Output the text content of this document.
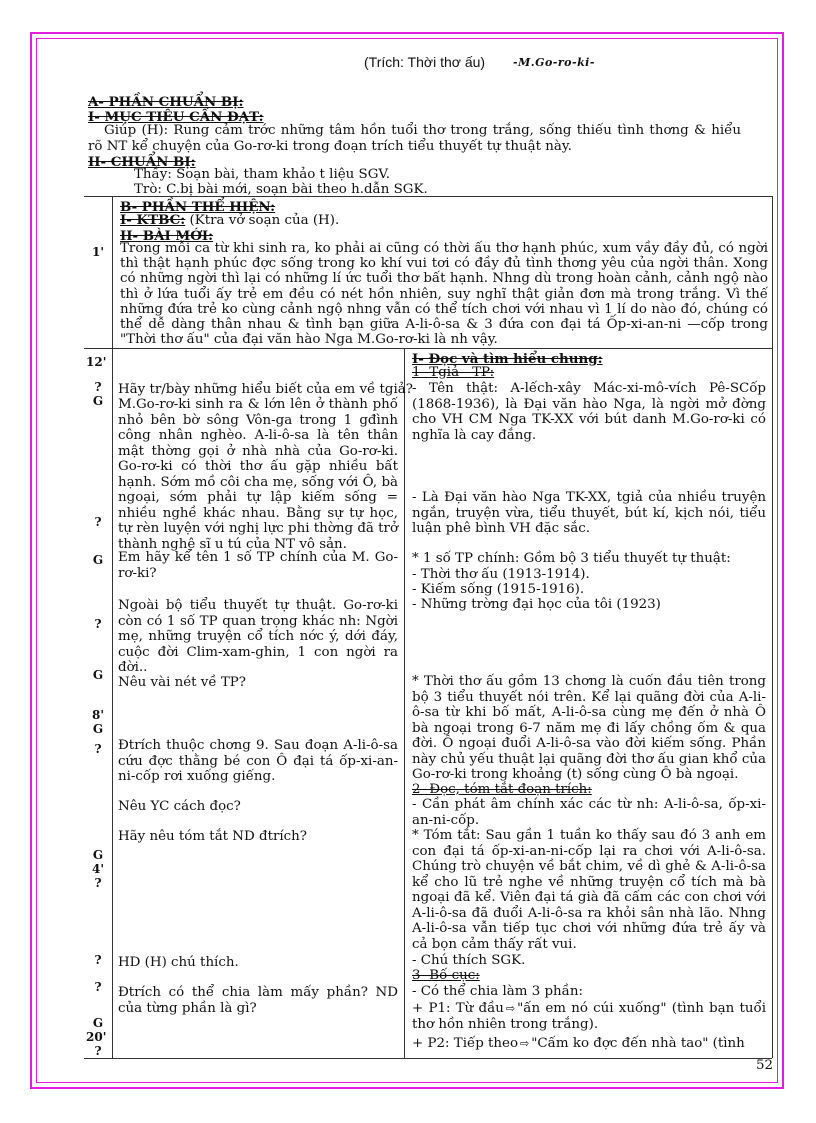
(Trích: Thời thơ ấu)	-M.Go-ro-ki-
A- PHẦN CHUẨN BỊ:
I- MỤC TIÊU CẦN ĐẠT:
Giúp (H): Rung cảm trớc những tâm hồn tuổi thơ trong trắng, sống thiếu tình thơng & hiểu rõ NT kể chuyện của Go-rơ-ki trong đoạn trích tiểu thuyết tự thuật này.
II- CHUẨN BỊ:
Thầy: Soạn bài, tham khảo t liệu SGV.
Trò: C.bị bài mới, soạn bài theo h.dẫn SGK.
B- PHẦN THỂ HIỆN:
I- KTBC: (Ktra vở soạn của (H).
II- BÀI MỚI:
Trong mỗi ca từ khi sinh ra, ko phải ai cũng có thời ấu thơ hạnh phúc, xum vầy đầy đủ, có ngời thì thật hạnh phúc đợc sống trong ko khí vui tơi có đầy đủ tình thơng yêu của ngời thân. Xong có những ngời thì lại có những lí ức tuổi thơ bất hạnh. Nhng dù trong hoàn cảnh, cảnh ngộ nào thì ở lứa tuổi ấy trẻ em đều có nét hồn nhiên, suy nghĩ thật giản đơn mà trong trắng. Vì thế những đứa trẻ ko cùng cảnh ngộ nhng vẫn có thể tích chơi với nhau vì 1 lí do nào đó, chúng có thể dễ dàng thân nhau & tình bạn giữa A-li-ô-sa & 3 đứa con đại tá Ốp-xi-an-ni —cốp trong "Thời thơ ấu" của đại văn hào Nga M.Go-rơ-ki là nh vậy.
1'
12'
?
G
?
G
?
G
8'
G
?
G
4'
?
?
?
G
20'
?
Hãy tr/bày những hiểu biết của em về tgiả?
M.Go-rơ-ki sinh ra & lớn lên ở thành phố nhỏ bên bờ sông Vôn-ga trong 1 gđình công nhân nghèo. A-li-ô-sa là tên thân mật thờng gọi ở nhà nhà của Go-rơ-ki. Go-rơ-ki có thời thơ ấu gặp nhiều bất hạnh. Sớm mồ côi cha mẹ, sống với Ô, bà ngoại, sớm phải tự lập kiếm sống = nhiều nghề khác nhau. Bằng sự tự học, tự rèn luyện với nghị lực phi thờng đã trở thành nghệ sĩ u tú của NT vô sản.
Em hãy kể tên 1 số TP chính của M. Go-rơ-ki?
Ngoài bộ tiểu thuyết tự thuật. Go-rơ-ki còn có 1 số TP quan trọng khác nh: Ngời mẹ, những truyện cổ tích nớc ý, dới đáy, cuộc đời Clim-xam-ghin, 1 con ngời ra đời..
Nêu vài nét về TP?
Đtrích thuộc chơng 9. Sau đoạn A-li-ô-sa cứu đợc thằng bé con Ô đại tá ốp-xi-an-ni-cốp rơi xuống giếng.
Nêu YC cách đọc?
Hãy nêu tóm tắt ND đtrích?
HD (H) chú thích.
Đtrích có thể chia làm mấy phần? ND của từng phần là gì?
I- Đọc và tìm hiểu chung:
1- Tgiả - TP:
- Tên thật: A-lếch-xây Mác-xi-mô-vích Pê-SCốp (1868-1936), là Đại văn hào Nga, là ngời mở đờng cho VH CM Nga TK-XX với bút danh M.Go-rơ-ki có nghĩa là cay đắng.
- Là Đại văn hào Nga TK-XX, tgiả của nhiều truyện ngắn, truyện vừa, tiểu thuyết, bút kí, kịch nói, tiểu luận phê bình VH đặc sắc.
* 1 số TP chính: Gồm bộ 3 tiểu thuyết tự thuật:
- Thời thơ ấu (1913-1914).
- Kiếm sống (1915-1916).
- Những trờng đại học của tôi (1923)
* Thời thơ ấu gồm 13 chơng là cuốn đầu tiên trong bộ 3 tiểu thuyết nói trên. Kể lại quãng đời của A-li-ô-sa từ khi bố mất, A-li-ô-sa cùng mẹ đến ở nhà Ô bà ngoại trong 6-7 năm mẹ đi lấy chồng ốm & qua đời. Ô ngoại đuổi A-li-ô-sa vào đời kiếm sống. Phần này chủ yếu thuật lại quãng đời thơ ấu gian khổ của Go-rơ-ki trong khoảng (t) sống cùng Ô bà ngoại.
2- Đọc, tóm tắt đoạn trích:
- Cần phát âm chính xác các từ nh: A-li-ô-sa, ốp-xi-an-ni-cốp.
* Tóm tắt: Sau gần 1 tuần ko thấy sau đó 3 anh em con đại tá ốp-xi-an-ni-cốp lại ra chơi với A-li-ô-sa. Chúng trò chuyện về bắt chim, về dì ghẻ & A-li-ô-sa kể cho lũ trẻ nghe về những truyện cổ tích mà bà ngoại đã kể. Viên đại tá già đã cấm các con chơi với A-li-ô-sa đã đuổi A-li-ô-sa ra khỏi sân nhà lão. Nhng A-li-ô-sa vẫn tiếp tục chơi với những đứa trẻ ấy và cả bọn cảm thấy rất vui.
- Chú thích SGK.
3- Bố cục:
- Có thể chia làm 3 phần:
+ P1: Từ đầu ⇨ "ấn em nó cúi xuống" (tình bạn tuổi thơ hồn nhiên trong trắng).
+ P2: Tiếp theo ⇨ "Cấm ko đợc đến nhà tao" (tình
52
